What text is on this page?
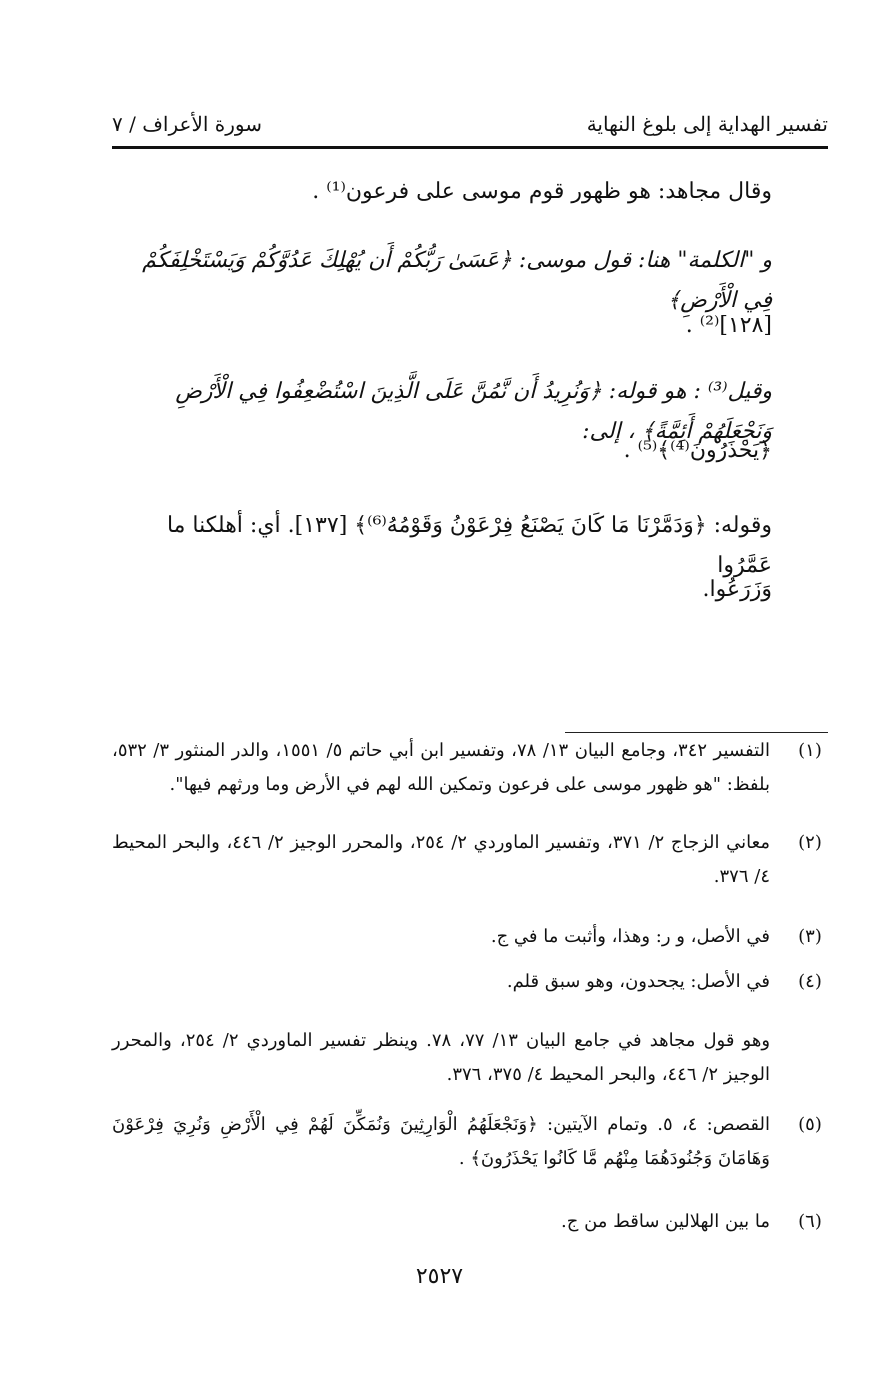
تفسير الهداية إلى بلوغ النهاية
سورة الأعراف / ٧
وقال مجاهد: هو ظهور قوم موسى على فرعون⁽¹⁾ .
و "الكلمة" هنا: قول موسى: ﴿عَسَىٰ رَبُّكُمْ أَن يُهْلِكَ عَدُوَّكُمْ وَيَسْتَخْلِفَكُمْ فِي الْأَرْضِ﴾
[١٢٨]⁽²⁾ .
وقيل⁽³⁾ : هو قوله: ﴿وَنُرِيدُ أَن نَّمُنَّ عَلَى الَّذِينَ اسْتُضْعِفُوا فِي الْأَرْضِ وَنَجْعَلَهُمْ أَئِمَّةً﴾ ، إلى:
﴿يَحْذَرُونَ⁽⁴⁾﴾⁽⁵⁾ .
وقوله: ﴿وَدَمَّرْنَا مَا كَانَ يَصْنَعُ فِرْعَوْنُ وَقَوْمُهُ⁽⁶⁾﴾ [١٣٧]. أي: أهلكنا ما عَمَّرُوا
وَزَرَعُوا.
(١)
التفسير ٣٤٢، وجامع البيان ١٣/ ٧٨، وتفسير ابن أبي حاتم ٥/ ١٥٥١، والدر المنثور ٣/ ٥٣٢، بلفظ: "هو ظهور موسى على فرعون وتمكين الله لهم في الأرض وما ورثهم فيها".
(٢)
معاني الزجاج ٢/ ٣٧١، وتفسير الماوردي ٢/ ٢٥٤، والمحرر الوجيز ٢/ ٤٤٦، والبحر المحيط ٤/ ٣٧٦.
(٣)
في الأصل، و ر: وهذا، وأثبت ما في ج.
(٤)
في الأصل: يجحدون، وهو سبق قلم.
وهو قول مجاهد في جامع البيان ١٣/ ٧٧، ٧٨. وينظر تفسير الماوردي ٢/ ٢٥٤، والمحرر الوجيز ٢/ ٤٤٦، والبحر المحيط ٤/ ٣٧٥، ٣٧٦.
(٥)
القصص: ٤، ٥. وتمام الآيتين: ﴿وَنَجْعَلَهُمُ الْوَارِثِينَ وَنُمَكِّنَ لَهُمْ فِي الْأَرْضِ وَنُرِيَ فِرْعَوْنَ وَهَامَانَ وَجُنُودَهُمَا مِنْهُم مَّا كَانُوا يَحْذَرُونَ﴾ .
(٦)
ما بين الهلالين ساقط من ج.
٢٥٢٧
